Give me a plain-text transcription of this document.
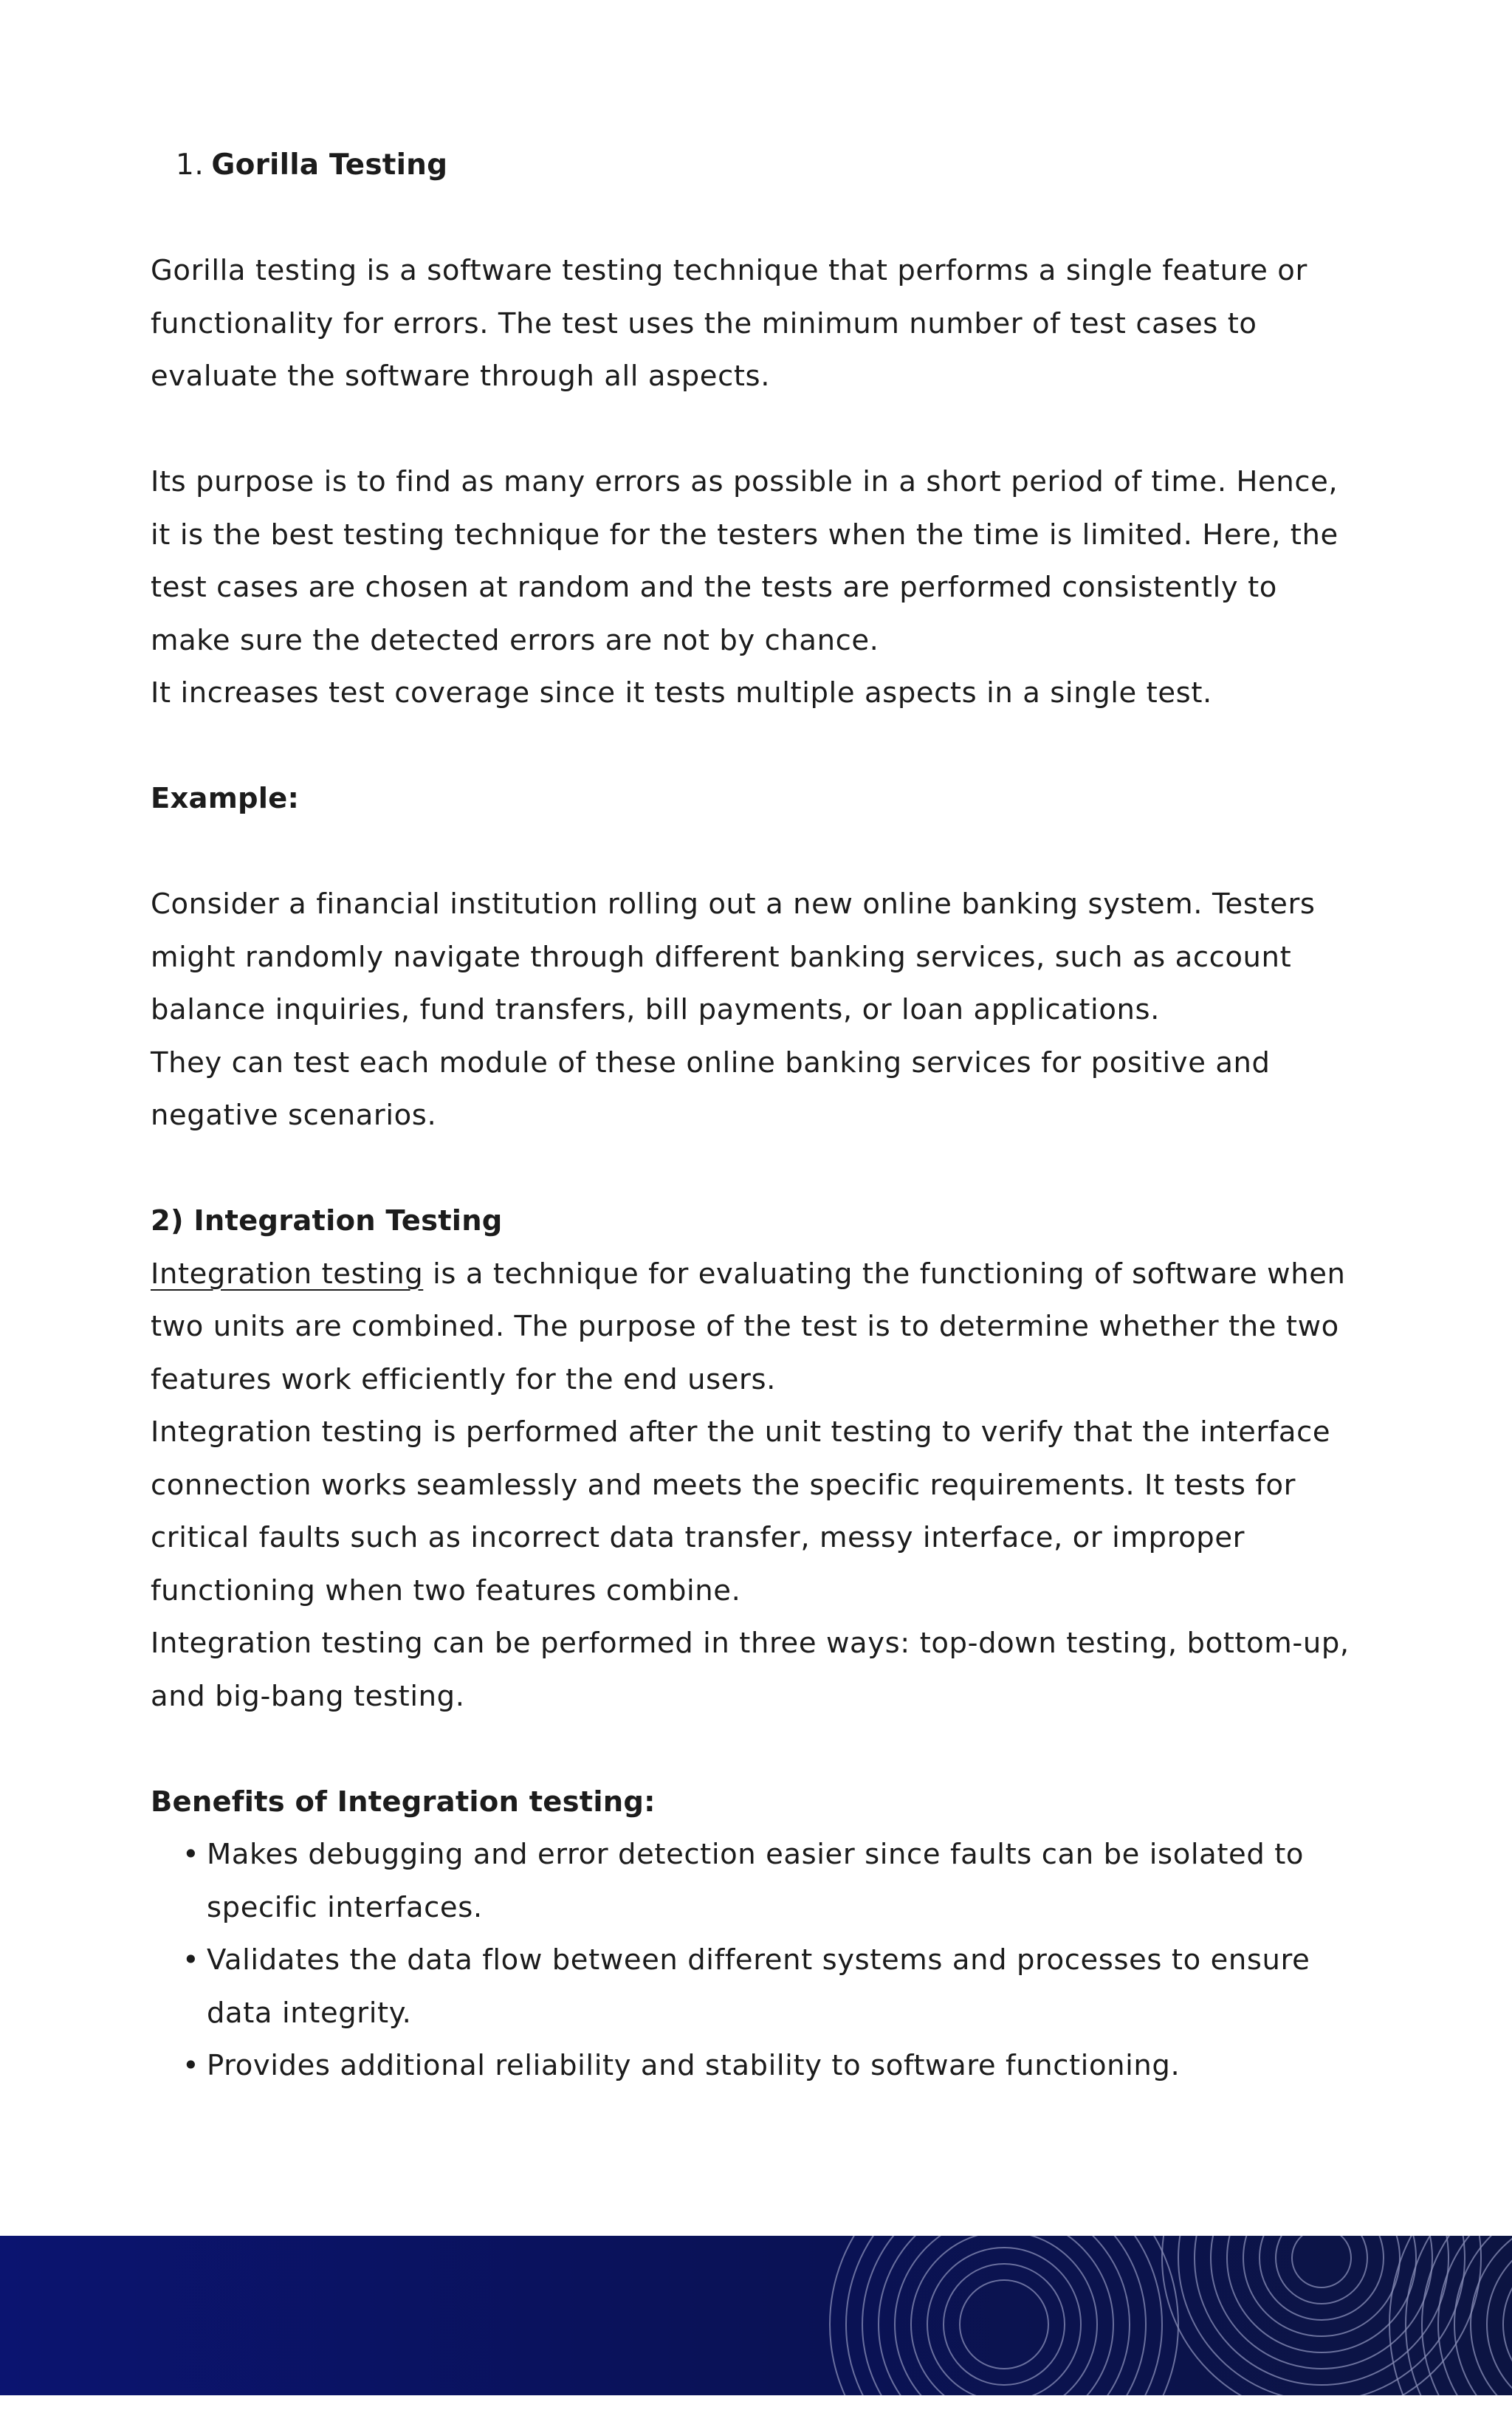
1. Gorilla Testing

Gorilla testing is a software testing technique that performs a single feature or
functionality for errors. The test uses the minimum number of test cases to
evaluate the software through all aspects.

Its purpose is to find as many errors as possible in a short period of time. Hence,
it is the best testing technique for the testers when the time is limited. Here, the
test cases are chosen at random and the tests are performed consistently to
make sure the detected errors are not by chance.
It increases test coverage since it tests multiple aspects in a single test.

Example:

Consider a financial institution rolling out a new online banking system. Testers
might randomly navigate through different banking services, such as account
balance inquiries, fund transfers, bill payments, or loan applications.
They can test each module of these online banking services for positive and
negative scenarios.

2) Integration Testing

Integration testing is a technique for evaluating the functioning of software when
two units are combined. The purpose of the test is to determine whether the two
features work efficiently for the end users.
Integration testing is performed after the unit testing to verify that the interface
connection works seamlessly and meets the specific requirements. It tests for
critical faults such as incorrect data transfer, messy interface, or improper
functioning when two features combine.
Integration testing can be performed in three ways: top-down testing, bottom-up,
and big-bang testing.

Benefits of Integration testing:

• Makes debugging and error detection easier since faults can be isolated to
specific interfaces.
• Validates the data flow between different systems and processes to ensure
data integrity.
• Provides additional reliability and stability to software functioning.
